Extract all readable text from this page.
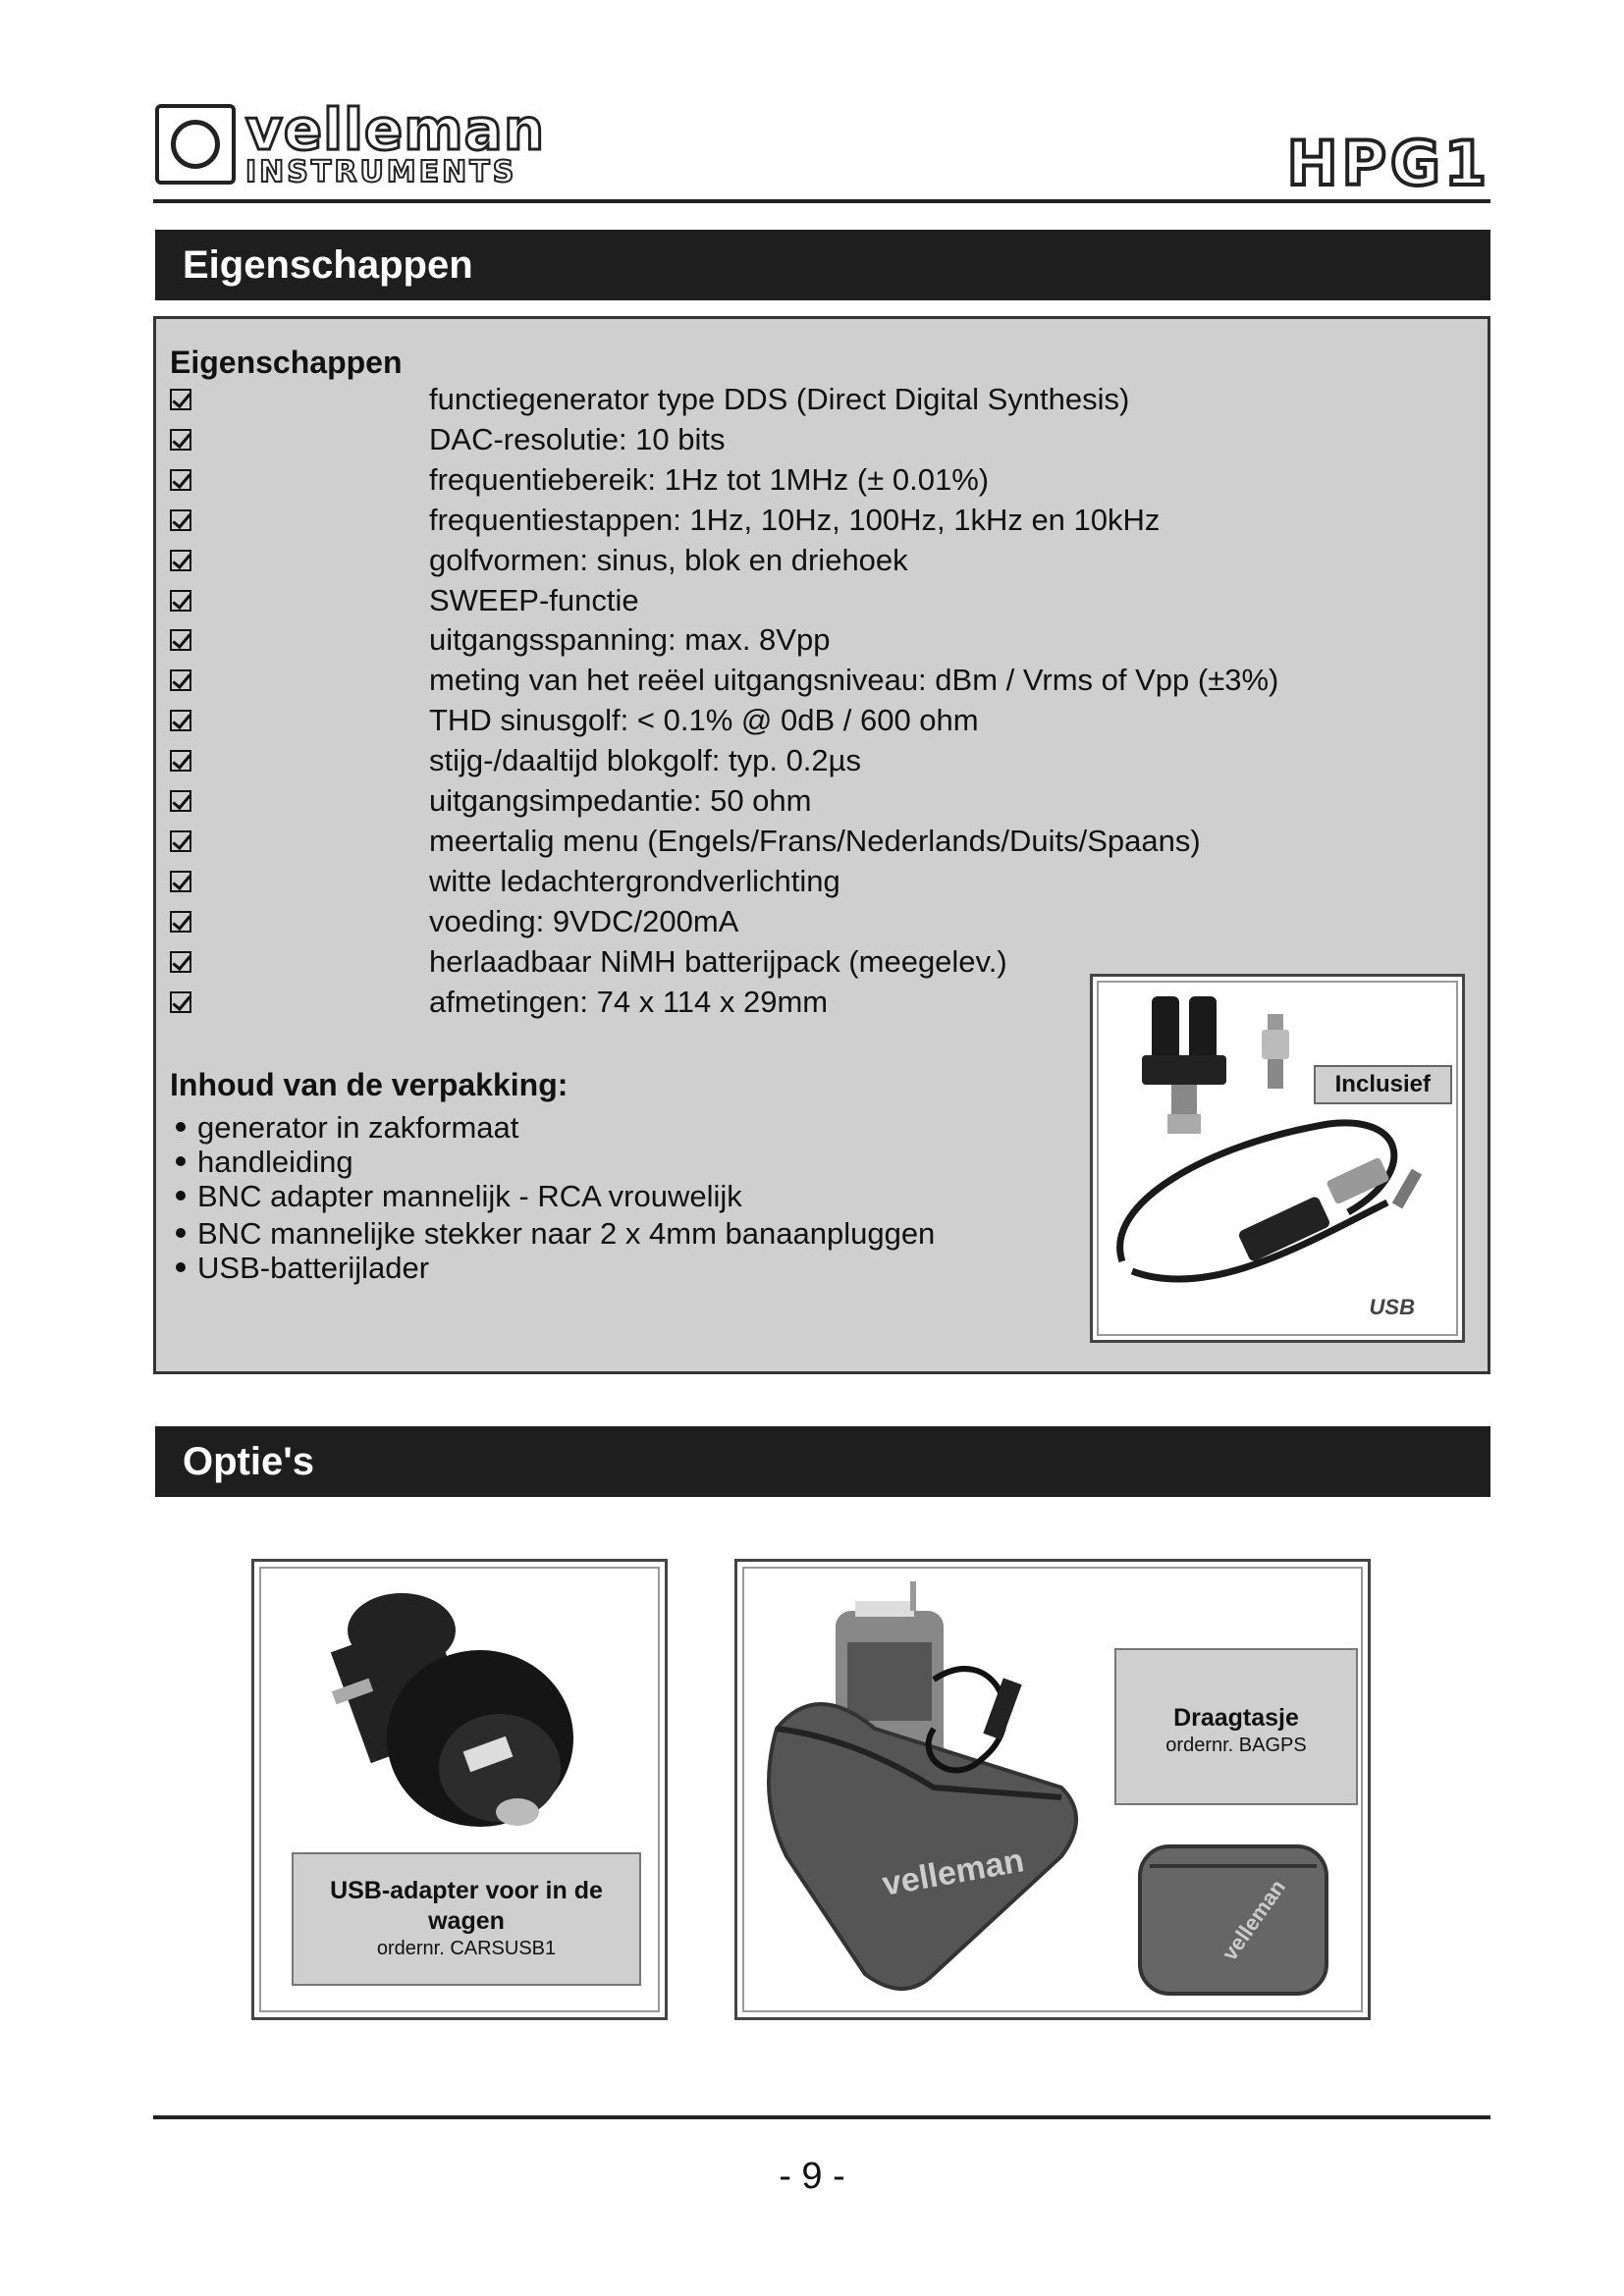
velleman
INSTRUMENTS	HPG1
Eigenschappen
Eigenschappen
functiegenerator type DDS (Direct Digital Synthesis)
DAC-resolutie: 10 bits
frequentiebereik: 1Hz tot 1MHz (± 0.01%)
frequentiestappen: 1Hz, 10Hz, 100Hz, 1kHz en 10kHz
golfvormen: sinus, blok en driehoek
SWEEP-functie
uitgangsspanning: max. 8Vpp
meting van het reëel uitgangsniveau: dBm / Vrms of Vpp (±3%)
THD sinusgolf: < 0.1% @ 0dB / 600 ohm
stijg-/daaltijd blokgolf: typ. 0.2µs
uitgangsimpedantie: 50 ohm
meertalig menu (Engels/Frans/Nederlands/Duits/Spaans)
witte ledachtergrondverlichting
voeding: 9VDC/200mA
herlaadbaar NiMH batterijpack (meegelev.)
afmetingen: 74 x 114 x 29mm
Inhoud van de verpakking:
generator in zakformaat
handleiding
BNC adapter mannelijk - RCA vrouwelijk
BNC mannelijke stekker naar 2 x 4mm banaanpluggen
USB-batterijlader
Inclusief
USB
Optie's
USB-adapter voor in de wagen
ordernr. CARSUSB1
velleman
velleman
Draagtasje
ordernr. BAGPS
- 9 -
